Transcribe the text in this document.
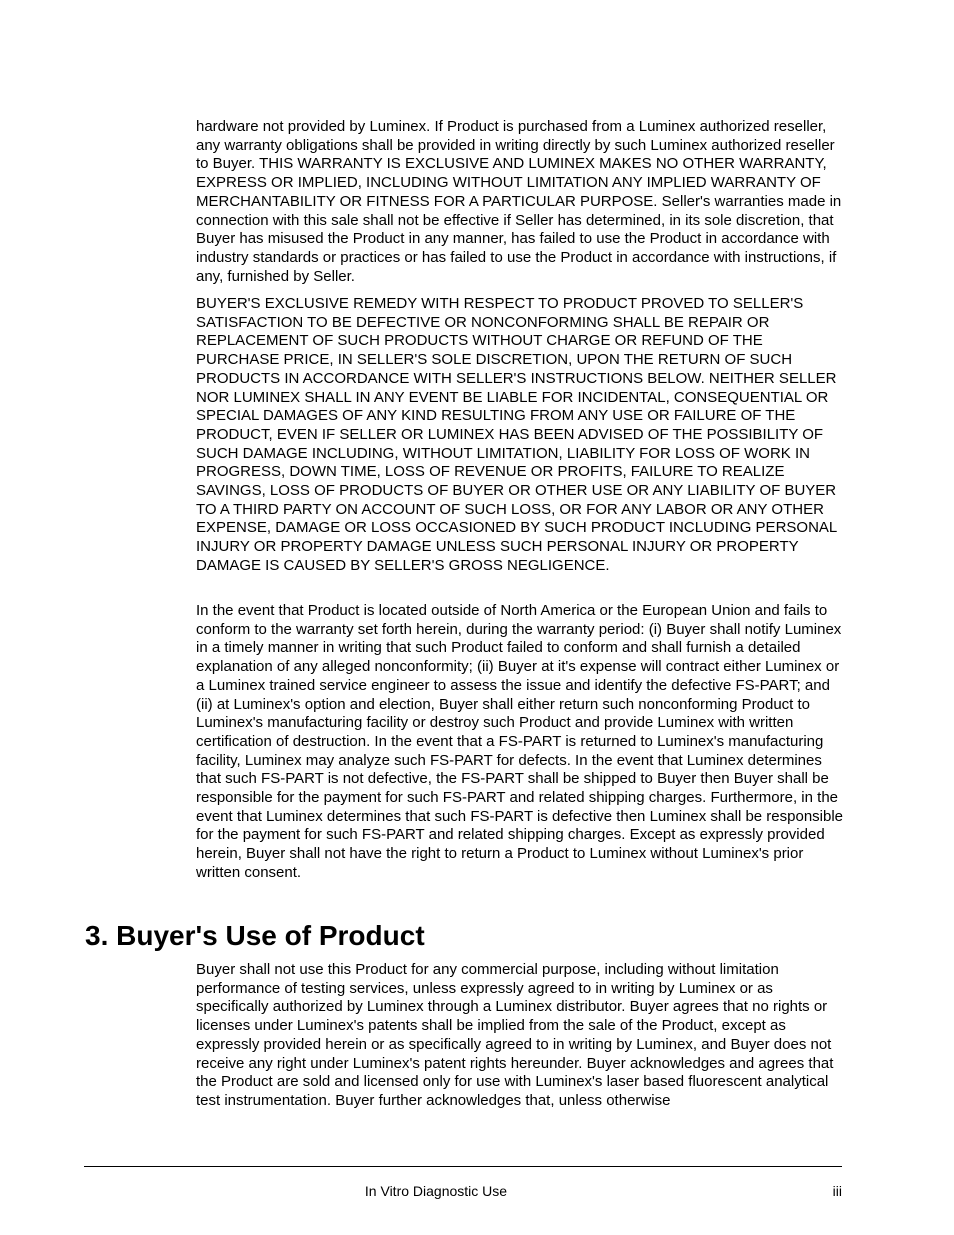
hardware not provided by Luminex. If Product is purchased from a Luminex authorized reseller, any warranty obligations shall be provided in writing directly by such Luminex authorized reseller to Buyer. THIS WARRANTY IS EXCLUSIVE AND LUMINEX MAKES NO OTHER WARRANTY, EXPRESS OR IMPLIED, INCLUDING WITHOUT LIMITATION ANY IMPLIED WARRANTY OF MERCHANTABILITY OR FITNESS FOR A PARTICULAR PURPOSE. Seller's warranties made in connection with this sale shall not be effective if Seller has determined, in its sole discretion, that Buyer has misused the Product in any manner, has failed to use the Product in accordance with industry standards or practices or has failed to use the Product in accordance with instructions, if any, furnished by Seller.

BUYER'S EXCLUSIVE REMEDY WITH RESPECT TO PRODUCT PROVED TO SELLER'S SATISFACTION TO BE DEFECTIVE OR NONCONFORMING SHALL BE REPAIR OR REPLACEMENT OF SUCH PRODUCTS WITHOUT CHARGE OR REFUND OF THE PURCHASE PRICE, IN SELLER'S SOLE DISCRETION, UPON THE RETURN OF SUCH PRODUCTS IN ACCORDANCE WITH SELLER'S INSTRUCTIONS BELOW. NEITHER SELLER NOR LUMINEX SHALL IN ANY EVENT BE LIABLE FOR INCIDENTAL, CONSEQUENTIAL OR SPECIAL DAMAGES OF ANY KIND RESULTING FROM ANY USE OR FAILURE OF THE PRODUCT, EVEN IF SELLER OR LUMINEX HAS BEEN ADVISED OF THE POSSIBILITY OF SUCH DAMAGE INCLUDING, WITHOUT LIMITATION, LIABILITY FOR LOSS OF WORK IN PROGRESS, DOWN TIME, LOSS OF REVENUE OR PROFITS, FAILURE TO REALIZE SAVINGS, LOSS OF PRODUCTS OF BUYER OR OTHER USE OR ANY LIABILITY OF BUYER TO A THIRD PARTY ON ACCOUNT OF SUCH LOSS, OR FOR ANY LABOR OR ANY OTHER EXPENSE, DAMAGE OR LOSS OCCASIONED BY SUCH PRODUCT INCLUDING PERSONAL INJURY OR PROPERTY DAMAGE UNLESS SUCH PERSONAL INJURY OR PROPERTY DAMAGE IS CAUSED BY SELLER'S GROSS NEGLIGENCE.

In the event that Product is located outside of North America or the European Union and fails to conform to the warranty set forth herein, during the warranty period: (i) Buyer shall notify Luminex in a timely manner in writing that such Product failed to conform and shall furnish a detailed explanation of any alleged nonconformity; (ii) Buyer at it's expense will contract either Luminex or a Luminex trained service engineer to assess the issue and identify the defective FS-PART; and (ii) at Luminex's option and election, Buyer shall either return such nonconforming Product to Luminex's manufacturing facility or destroy such Product and provide Luminex with written certification of destruction. In the event that a FS-PART is returned to Luminex's manufacturing facility, Luminex may analyze such FS-PART for defects. In the event that Luminex determines that such FS-PART is not defective, the FS-PART shall be shipped to Buyer then Buyer shall be responsible for the payment for such FS-PART and related shipping charges. Furthermore, in the event that Luminex determines that such FS-PART is defective then Luminex shall be responsible for the payment for such FS-PART and related shipping charges. Except as expressly provided herein, Buyer shall not have the right to return a Product to Luminex without Luminex's prior written consent.

3. Buyer's Use of Product

Buyer shall not use this Product for any commercial purpose, including without limitation performance of testing services, unless expressly agreed to in writing by Luminex or as specifically authorized by Luminex through a Luminex distributor. Buyer agrees that no rights or licenses under Luminex's patents shall be implied from the sale of the Product, except as expressly provided herein or as specifically agreed to in writing by Luminex, and Buyer does not receive any right under Luminex's patent rights hereunder. Buyer acknowledges and agrees that the Product are sold and licensed only for use with Luminex's laser based fluorescent analytical test instrumentation. Buyer further acknowledges that, unless otherwise

In Vitro Diagnostic Use	iii
